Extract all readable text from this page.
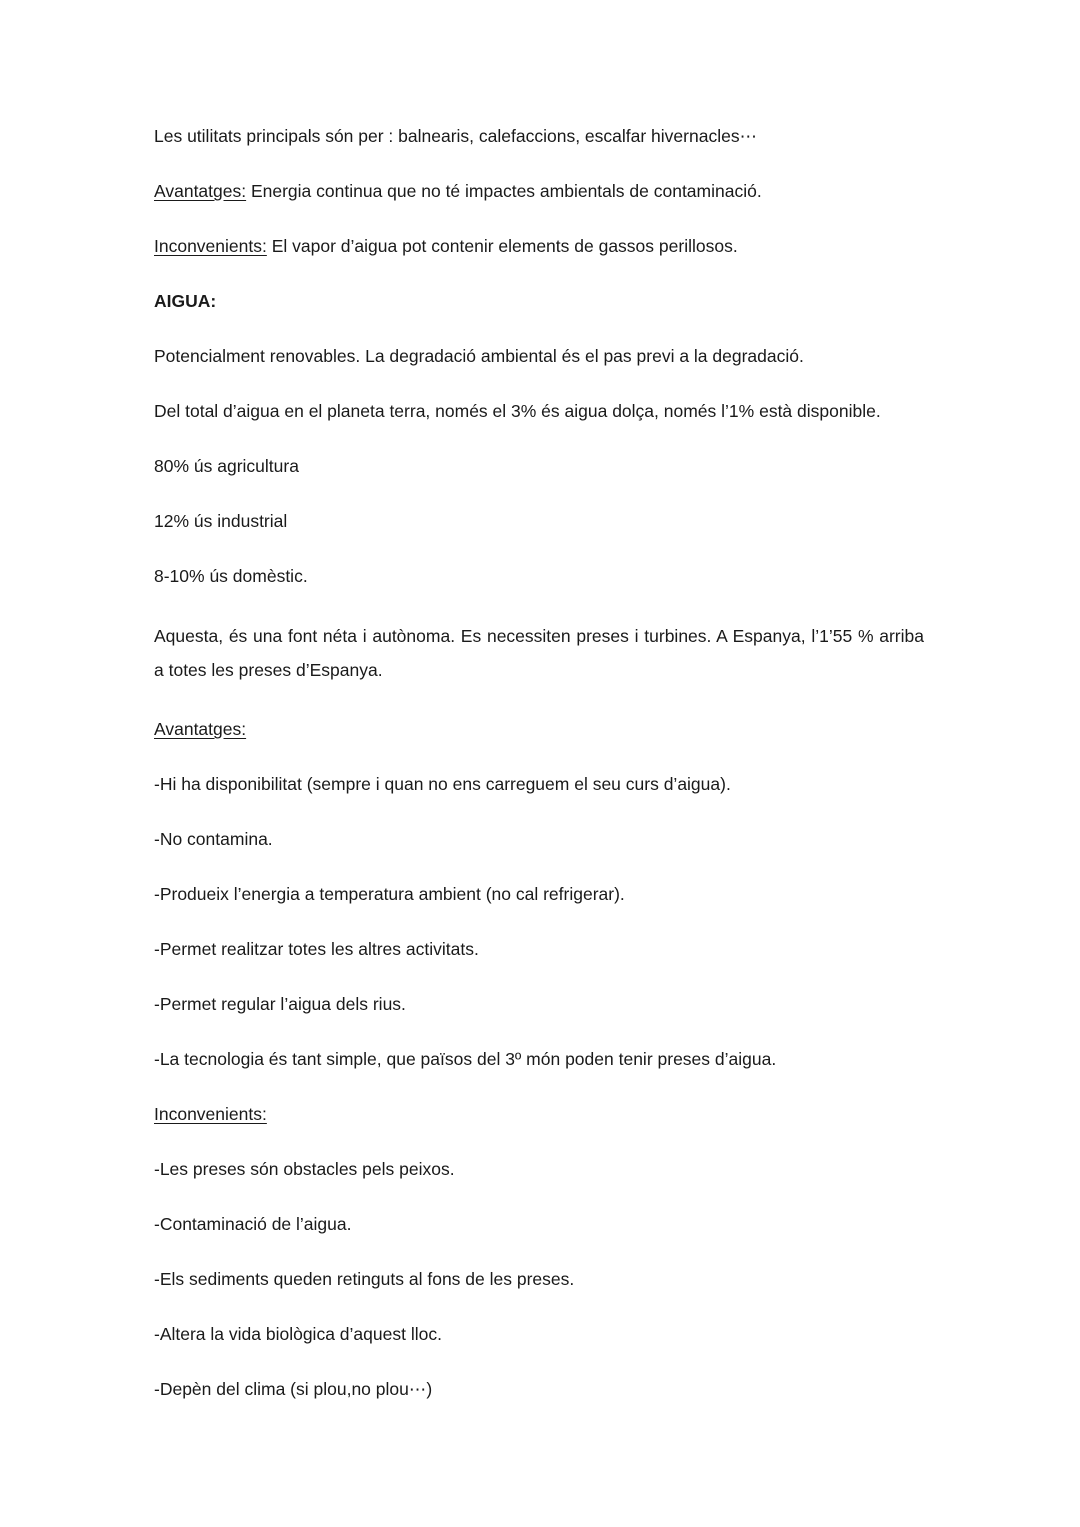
Les utilitats principals són per : balnearis, calefaccions, escalfar hivernacles⋯

Avantatges: Energia continua que no té impactes ambientals de contaminació.

Inconvenients: El vapor d’aigua pot contenir elements de gassos perillosos.

AIGUA:

Potencialment renovables. La degradació ambiental és el pas previ a la degradació.

Del total d’aigua en el planeta terra, només el 3% és aigua dolça, només l’1% està disponible.

80% ús agricultura

12% ús industrial

8-10% ús domèstic.

Aquesta, és una font néta i autònoma. Es necessiten preses i turbines. A Espanya, l’1’55 % arriba a totes les preses d’Espanya.

Avantatges:

-Hi ha disponibilitat (sempre i quan no ens carreguem el seu curs d’aigua).

-No contamina.

-Produeix l’energia a temperatura ambient (no cal refrigerar).

-Permet realitzar totes les altres activitats.

-Permet regular l’aigua dels rius.

-La tecnologia és tant simple, que països del 3º món poden tenir preses d’aigua.

Inconvenients:

-Les preses són obstacles pels peixos.

-Contaminació de l’aigua.

-Els sediments queden retinguts al fons de les preses.

-Altera la vida biològica d’aquest lloc.

-Depèn del clima (si plou,no plou⋯)
